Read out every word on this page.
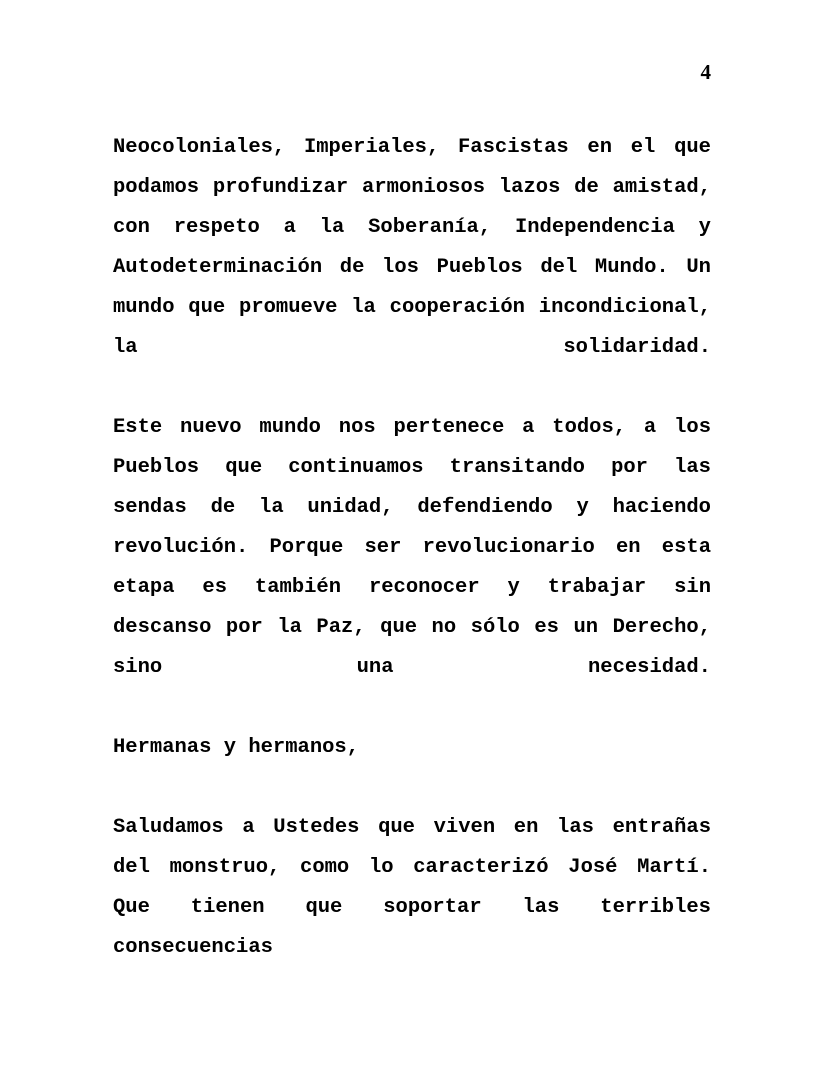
4

Neocoloniales, Imperiales, Fascistas en el que podamos profundizar armoniosos lazos de amistad, con respeto a la Soberanía, Independencia y Autodeterminación de los Pueblos del Mundo. Un mundo que promueve la cooperación incondicional, la solidaridad.

Este nuevo mundo nos pertenece a todos, a los Pueblos que continuamos transitando por las sendas de la unidad, defendiendo y haciendo revolución. Porque ser revolucionario en esta etapa es también reconocer y trabajar sin descanso por la Paz, que no sólo es un Derecho, sino una necesidad.

Hermanas y hermanos,

Saludamos a Ustedes que viven en las entrañas del monstruo, como lo caracterizó José Martí. Que tienen que soportar las terribles consecuencias
